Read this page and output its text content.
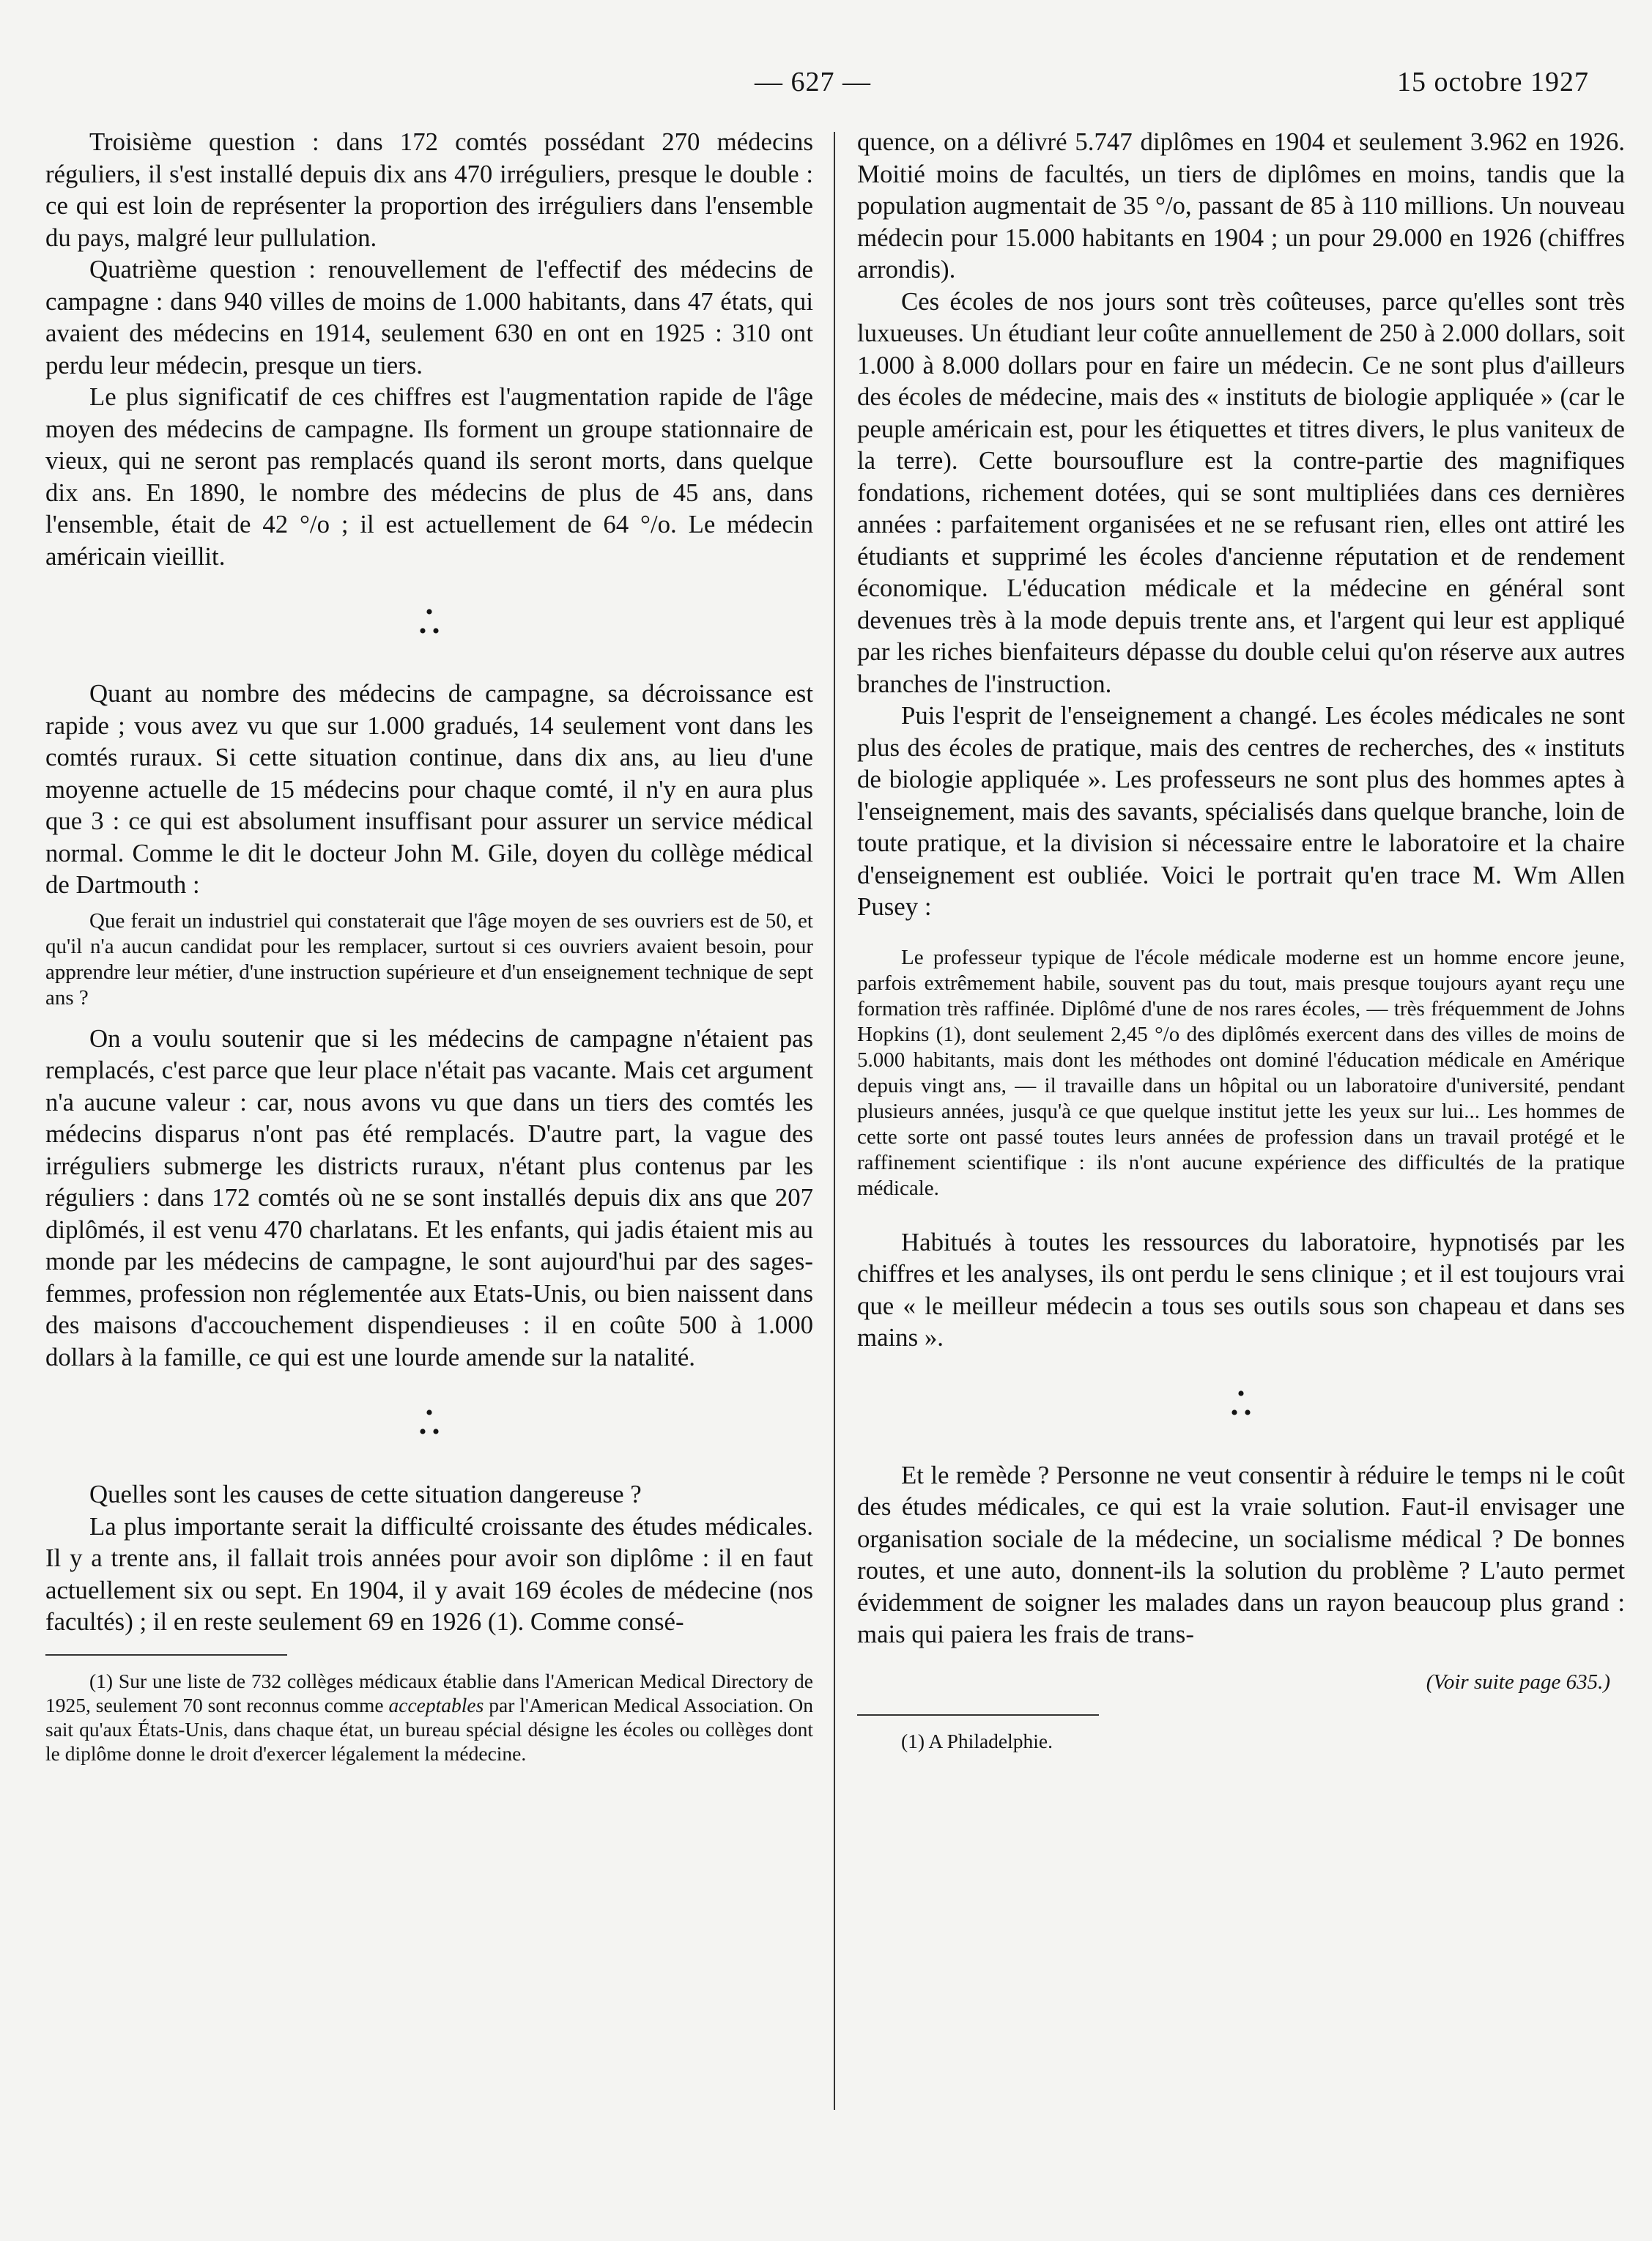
— 627 —	15 octobre 1927

Troisième question : dans 172 comtés possédant 270 médecins réguliers, il s'est installé depuis dix ans 470 irréguliers, presque le double : ce qui est loin de représenter la proportion des irréguliers dans l'ensemble du pays, malgré leur pullulation.

Quatrième question : renouvellement de l'effectif des médecins de campagne : dans 940 villes de moins de 1.000 habitants, dans 47 états, qui avaient des médecins en 1914, seulement 630 en ont en 1925 : 310 ont perdu leur médecin, presque un tiers.

Le plus significatif de ces chiffres est l'augmentation rapide de l'âge moyen des médecins de campagne. Ils forment un groupe stationnaire de vieux, qui ne seront pas remplacés quand ils seront morts, dans quelque dix ans. En 1890, le nombre des médecins de plus de 45 ans, dans l'ensemble, était de 42 °/o ; il est actuellement de 64 °/o. Le médecin américain vieillit.

•
• •

Quant au nombre des médecins de campagne, sa décroissance est rapide ; vous avez vu que sur 1.000 gradués, 14 seulement vont dans les comtés ruraux. Si cette situation continue, dans dix ans, au lieu d'une moyenne actuelle de 15 médecins pour chaque comté, il n'y en aura plus que 3 : ce qui est absolument insuffisant pour assurer un service médical normal. Comme le dit le docteur John M. Gile, doyen du collège médical de Dartmouth :

Que ferait un industriel qui constaterait que l'âge moyen de ses ouvriers est de 50, et qu'il n'a aucun candidat pour les remplacer, surtout si ces ouvriers avaient besoin, pour apprendre leur métier, d'une instruction supérieure et d'un enseignement technique de sept ans ?

On a voulu soutenir que si les médecins de campagne n'étaient pas remplacés, c'est parce que leur place n'était pas vacante. Mais cet argument n'a aucune valeur : car, nous avons vu que dans un tiers des comtés les médecins disparus n'ont pas été remplacés. D'autre part, la vague des irréguliers submerge les districts ruraux, n'étant plus contenus par les réguliers : dans 172 comtés où ne se sont installés depuis dix ans que 207 diplômés, il est venu 470 charlatans. Et les enfants, qui jadis étaient mis au monde par les médecins de campagne, le sont aujourd'hui par des sages-femmes, profession non réglementée aux Etats-Unis, ou bien naissent dans des maisons d'accouchement dispendieuses : il en coûte 500 à 1.000 dollars à la famille, ce qui est une lourde amende sur la natalité.

•
• •

Quelles sont les causes de cette situation dangereuse ?

La plus importante serait la difficulté croissante des études médicales. Il y a trente ans, il fallait trois années pour avoir son diplôme : il en faut actuellement six ou sept. En 1904, il y avait 169 écoles de médecine (nos facultés) ; il en reste seulement 69 en 1926 (1). Comme consé-

(1) Sur une liste de 732 collèges médicaux établie dans l'American Medical Directory de 1925, seulement 70 sont reconnus comme acceptables par l'American Medical Association. On sait qu'aux États-Unis, dans chaque état, un bureau spécial désigne les écoles ou collèges dont le diplôme donne le droit d'exercer légalement la médecine.

quence, on a délivré 5.747 diplômes en 1904 et seulement 3.962 en 1926. Moitié moins de facultés, un tiers de diplômes en moins, tandis que la population augmentait de 35 °/o, passant de 85 à 110 millions. Un nouveau médecin pour 15.000 habitants en 1904 ; un pour 29.000 en 1926 (chiffres arrondis).

Ces écoles de nos jours sont très coûteuses, parce qu'elles sont très luxueuses. Un étudiant leur coûte annuellement de 250 à 2.000 dollars, soit 1.000 à 8.000 dollars pour en faire un médecin. Ce ne sont plus d'ailleurs des écoles de médecine, mais des « instituts de biologie appliquée » (car le peuple américain est, pour les étiquettes et titres divers, le plus vaniteux de la terre). Cette boursouflure est la contre-partie des magnifiques fondations, richement dotées, qui se sont multipliées dans ces dernières années : parfaitement organisées et ne se refusant rien, elles ont attiré les étudiants et supprimé les écoles d'ancienne réputation et de rendement économique. L'éducation médicale et la médecine en général sont devenues très à la mode depuis trente ans, et l'argent qui leur est appliqué par les riches bienfaiteurs dépasse du double celui qu'on réserve aux autres branches de l'instruction.

Puis l'esprit de l'enseignement a changé. Les écoles médicales ne sont plus des écoles de pratique, mais des centres de recherches, des « instituts de biologie appliquée ». Les professeurs ne sont plus des hommes aptes à l'enseignement, mais des savants, spécialisés dans quelque branche, loin de toute pratique, et la division si nécessaire entre le laboratoire et la chaire d'enseignement est oubliée. Voici le portrait qu'en trace M. Wm Allen Pusey :

Le professeur typique de l'école médicale moderne est un homme encore jeune, parfois extrêmement habile, souvent pas du tout, mais presque toujours ayant reçu une formation très raffinée. Diplômé d'une de nos rares écoles, — très fréquemment de Johns Hopkins (1), dont seulement 2,45 °/o des diplômés exercent dans des villes de moins de 5.000 habitants, mais dont les méthodes ont dominé l'éducation médicale en Amérique depuis vingt ans, — il travaille dans un hôpital ou un laboratoire d'université, pendant plusieurs années, jusqu'à ce que quelque institut jette les yeux sur lui... Les hommes de cette sorte ont passé toutes leurs années de profession dans un travail protégé et le raffinement scientifique : ils n'ont aucune expérience des difficultés de la pratique médicale.

Habitués à toutes les ressources du laboratoire, hypnotisés par les chiffres et les analyses, ils ont perdu le sens clinique ; et il est toujours vrai que « le meilleur médecin a tous ses outils sous son chapeau et dans ses mains ».

•
• •

Et le remède ? Personne ne veut consentir à réduire le temps ni le coût des études médicales, ce qui est la vraie solution. Faut-il envisager une organisation sociale de la médecine, un socialisme médical ? De bonnes routes, et une auto, donnent-ils la solution du problème ? L'auto permet évidemment de soigner les malades dans un rayon beaucoup plus grand : mais qui paiera les frais de trans-

(Voir suite page 635.)

(1) A Philadelphie.
